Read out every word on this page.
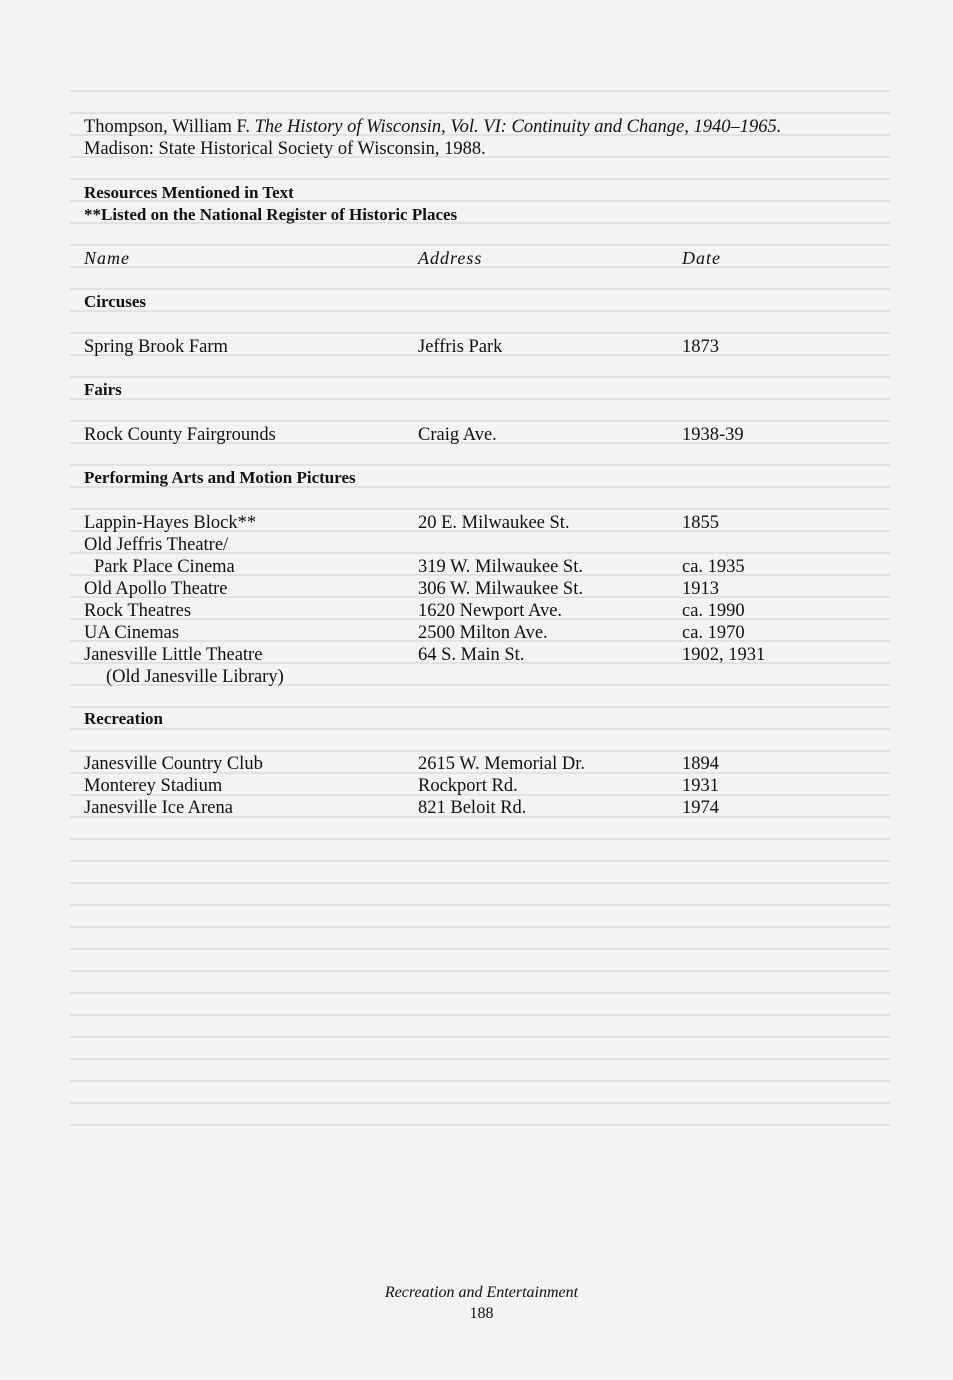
Thompson, William F. The History of Wisconsin, Vol. VI: Continuity and Change, 1940–1965.
Madison: State Historical Society of Wisconsin, 1988.
Resources Mentioned in Text
**Listed on the National Register of Historic Places
Name	Address	Date
Circuses
Spring Brook Farm	Jeffris Park	1873
Fairs
Rock County Fairgrounds	Craig Ave.	1938-39
Performing Arts and Motion Pictures
Lappin-Hayes Block**	20 E. Milwaukee St.	1855
Old Jeffris Theatre/
Park Place Cinema	319 W. Milwaukee St.	ca. 1935
Old Apollo Theatre	306 W. Milwaukee St.	1913
Rock Theatres	1620 Newport Ave.	ca. 1990
UA Cinemas	2500 Milton Ave.	ca. 1970
Janesville Little Theatre	64 S. Main St.	1902, 1931
(Old Janesville Library)
Recreation
Janesville Country Club	2615 W. Memorial Dr.	1894
Monterey Stadium	Rockport Rd.	1931
Janesville Ice Arena	821 Beloit Rd.	1974
Recreation and Entertainment
188
